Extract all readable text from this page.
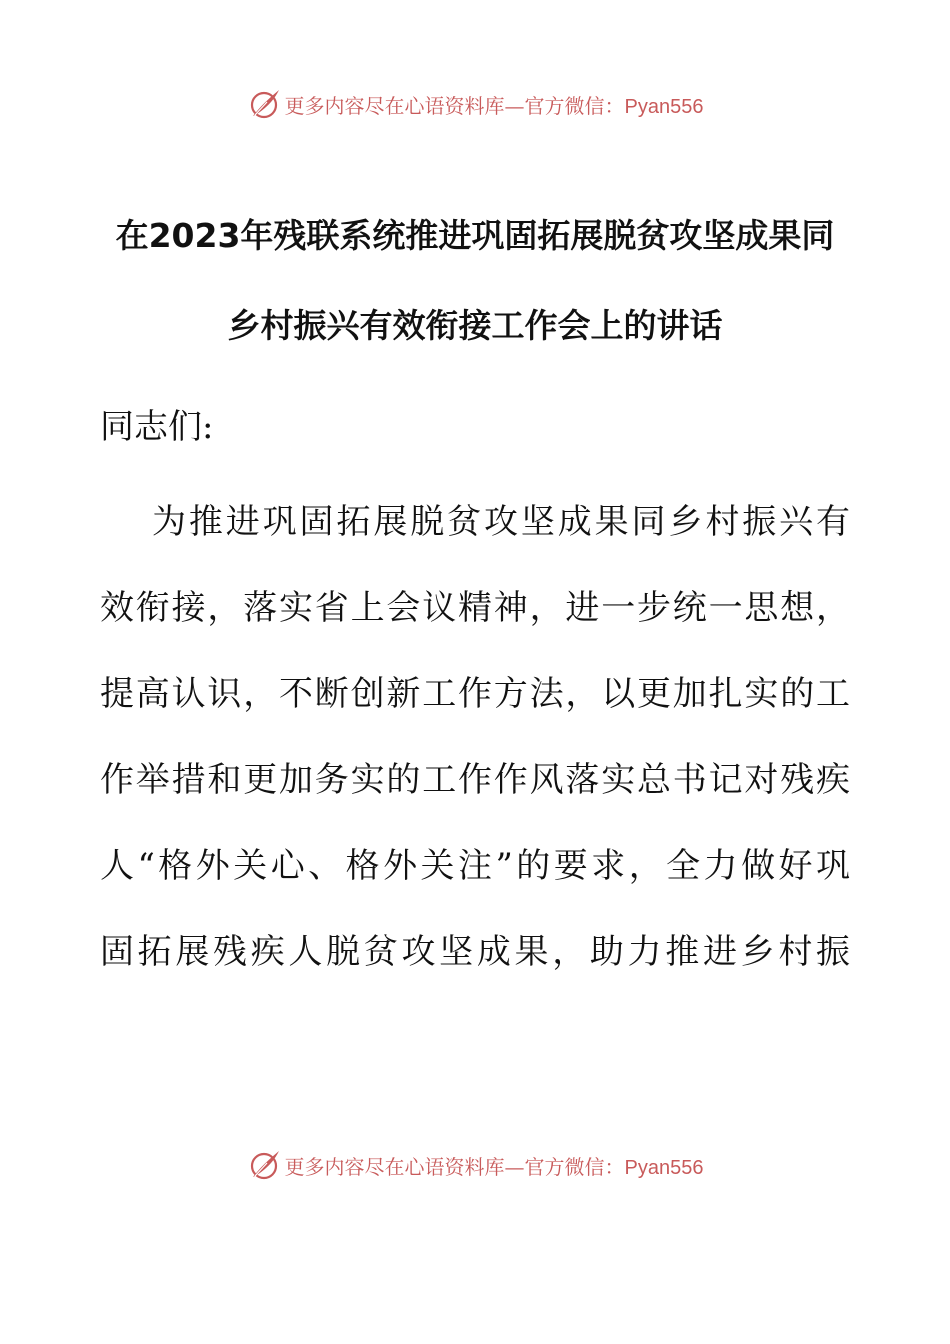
更多内容尽在心语资料库—官方微信：Pyan556
在2023年残联系统推进巩固拓展脱贫攻坚成果同
乡村振兴有效衔接工作会上的讲话
同志们:
为推进巩固拓展脱贫攻坚成果同乡村振兴有
效衔接，落实省上会议精神，进一步统一思想，
提高认识，不断创新工作方法，以更加扎实的工
作举措和更加务实的工作作风落实总书记对残疾
人“格外关心、格外关注”的要求，全力做好巩
固拓展残疾人脱贫攻坚成果，助力推进乡村振
更多内容尽在心语资料库—官方微信：Pyan556
